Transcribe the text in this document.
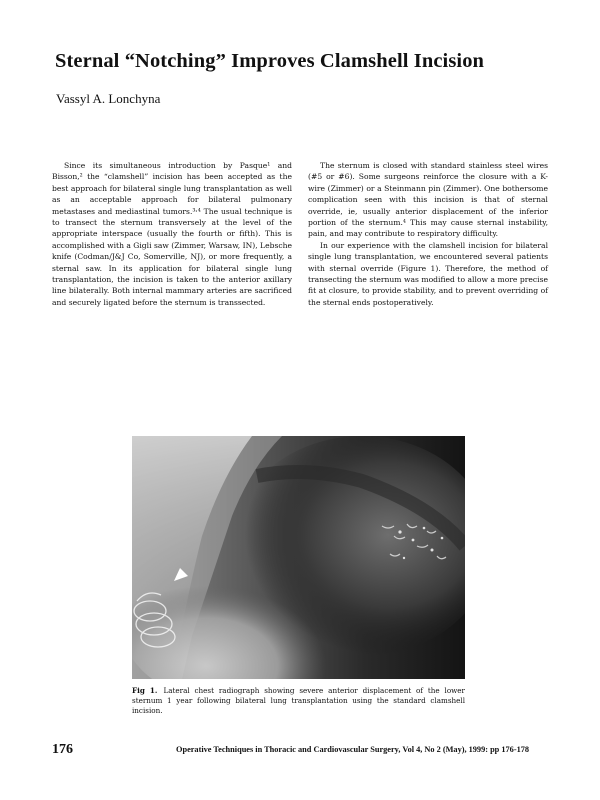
Sternal “Notching” Improves Clamshell Incision

Vassyl A. Lonchyna

Since its simultaneous introduction by Pasque¹ and Bisson,² the “clamshell” incision has been accepted as the best approach for bilateral single lung transplantation as well as an acceptable approach for bilateral pulmonary metastases and mediastinal tumors.³˒⁴ The usual technique is to transect the sternum transversely at the level of the appropriate interspace (usually the fourth or fifth). This is accomplished with a Gigli saw (Zimmer, Warsaw, IN), Lebsche knife (Codman/J&J Co, Somerville, NJ), or more frequently, a sternal saw. In its application for bilateral single lung transplantation, the incision is taken to the anterior axillary line bilaterally. Both internal mammary arteries are sacrificed and securely ligated before the sternum is transsected.

The sternum is closed with standard stainless steel wires (#5 or #6). Some surgeons reinforce the closure with a K-wire (Zimmer) or a Steinmann pin (Zimmer). One bothersome complication seen with this incision is that of sternal override, ie, usually anterior displacement of the inferior portion of the sternum.⁴ This may cause sternal instability, pain, and may contribute to respiratory difficulty.

In our experience with the clamshell incision for bilateral single lung transplantation, we encountered several patients with sternal override (Figure 1). Therefore, the method of transecting the sternum was modified to allow a more precise fit at closure, to provide stability, and to prevent overriding of the sternal ends postoperatively.

Fig 1. Lateral chest radiograph showing severe anterior displacement of the lower sternum 1 year following bilateral lung transplantation using the standard clamshell incision.
176	Operative Techniques in Thoracic and Cardiovascular Surgery, Vol 4, No 2 (May), 1999: pp 176-178
